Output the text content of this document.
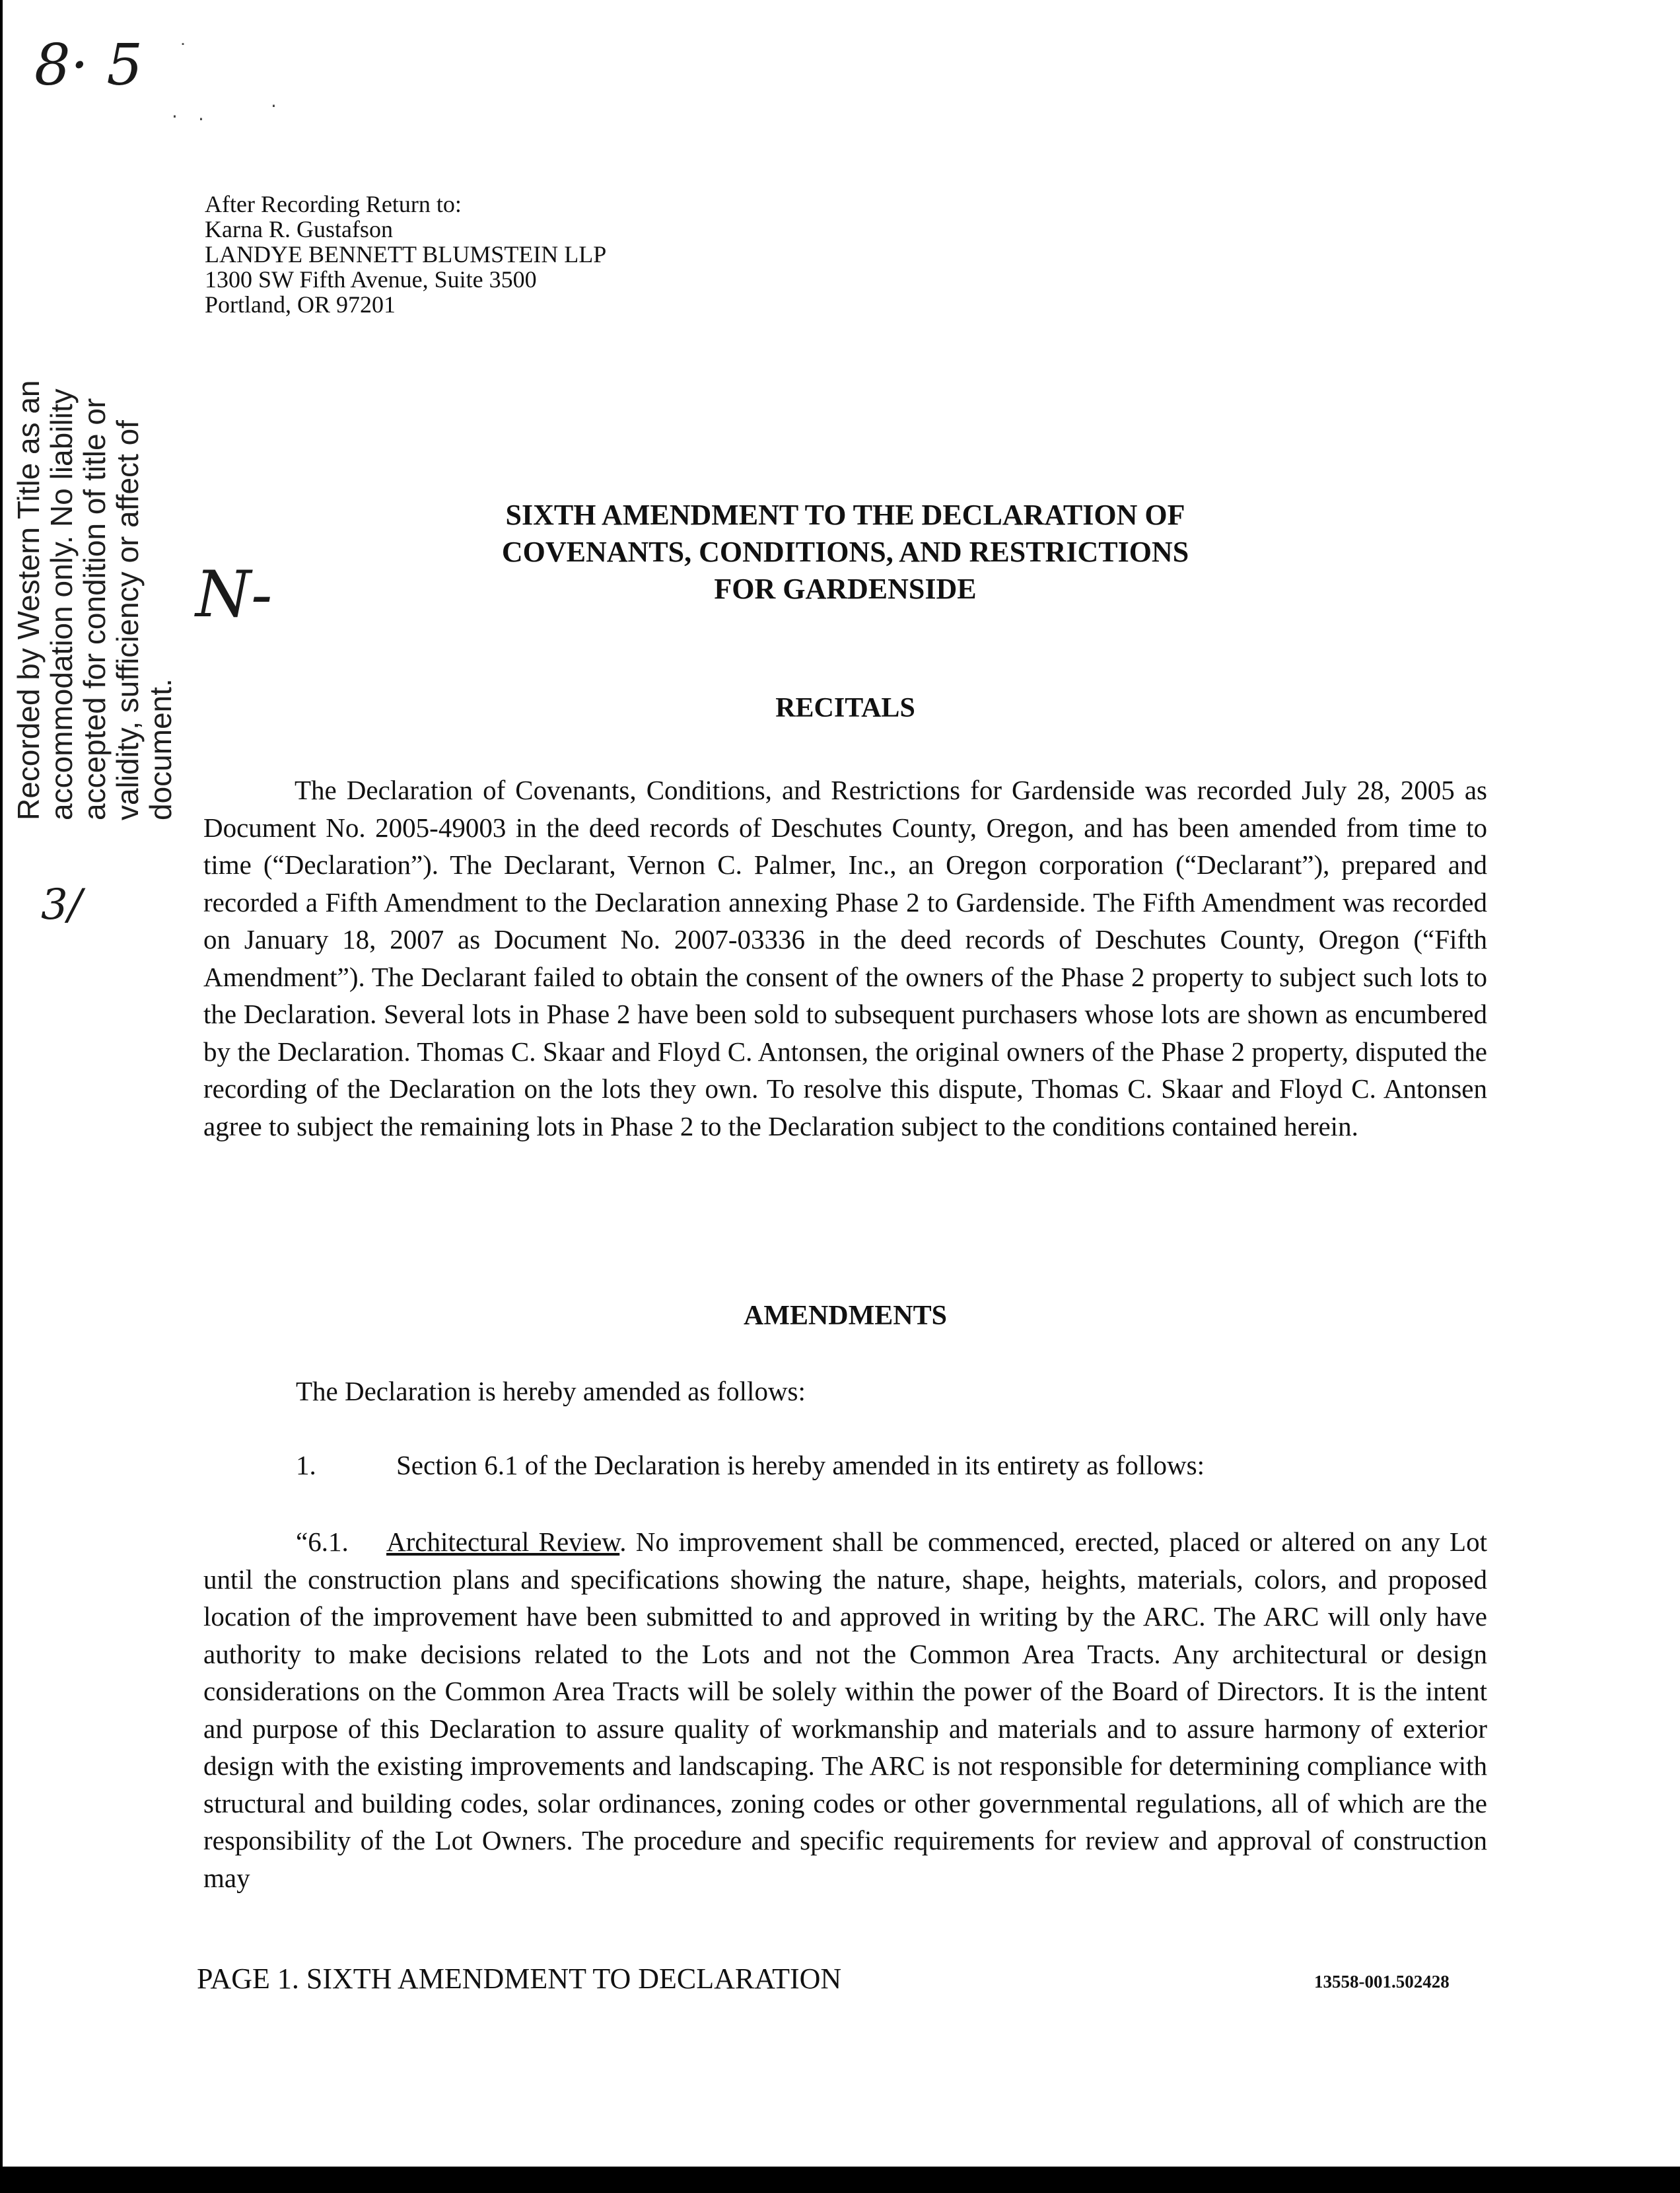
8· 5 ˙
· ·
·
Recorded by Western Title as an
accommodation only. No liability
accepted for condition of title or
validity, sufficiency or affect of
document.
N-
3/
After Recording Return to:
Karna R. Gustafson
LANDYE BENNETT BLUMSTEIN LLP
1300 SW Fifth Avenue, Suite 3500
Portland, OR 97201
SIXTH AMENDMENT TO THE DECLARATION OF
COVENANTS, CONDITIONS, AND RESTRICTIONS
FOR GARDENSIDE
RECITALS
The Declaration of Covenants, Conditions, and Restrictions for Gardenside was recorded July 28, 2005 as Document No. 2005-49003 in the deed records of Deschutes County, Oregon, and has been amended from time to time (“Declaration”). The Declarant, Vernon C. Palmer, Inc., an Oregon corporation (“Declarant”), prepared and recorded a Fifth Amendment to the Declaration annexing Phase 2 to Gardenside. The Fifth Amendment was recorded on January 18, 2007 as Document No. 2007-03336 in the deed records of Deschutes County, Oregon (“Fifth Amendment”). The Declarant failed to obtain the consent of the owners of the Phase 2 property to subject such lots to the Declaration. Several lots in Phase 2 have been sold to subsequent purchasers whose lots are shown as encumbered by the Declaration. Thomas C. Skaar and Floyd C. Antonsen, the original owners of the Phase 2 property, disputed the recording of the Declaration on the lots they own. To resolve this dispute, Thomas C. Skaar and Floyd C. Antonsen agree to subject the remaining lots in Phase 2 to the Declaration subject to the conditions contained herein.
AMENDMENTS
The Declaration is hereby amended as follows:
1.	Section 6.1 of the Declaration is hereby amended in its entirety as follows:
“6.1. Architectural Review. No improvement shall be commenced, erected, placed or altered on any Lot until the construction plans and specifications showing the nature, shape, heights, materials, colors, and proposed location of the improvement have been submitted to and approved in writing by the ARC. The ARC will only have authority to make decisions related to the Lots and not the Common Area Tracts. Any architectural or design considerations on the Common Area Tracts will be solely within the power of the Board of Directors. It is the intent and purpose of this Declaration to assure quality of workmanship and materials and to assure harmony of exterior design with the existing improvements and landscaping. The ARC is not responsible for determining compliance with structural and building codes, solar ordinances, zoning codes or other governmental regulations, all of which are the responsibility of the Lot Owners. The procedure and specific requirements for review and approval of construction may
PAGE 1. SIXTH AMENDMENT TO DECLARATION	13558-001.502428
